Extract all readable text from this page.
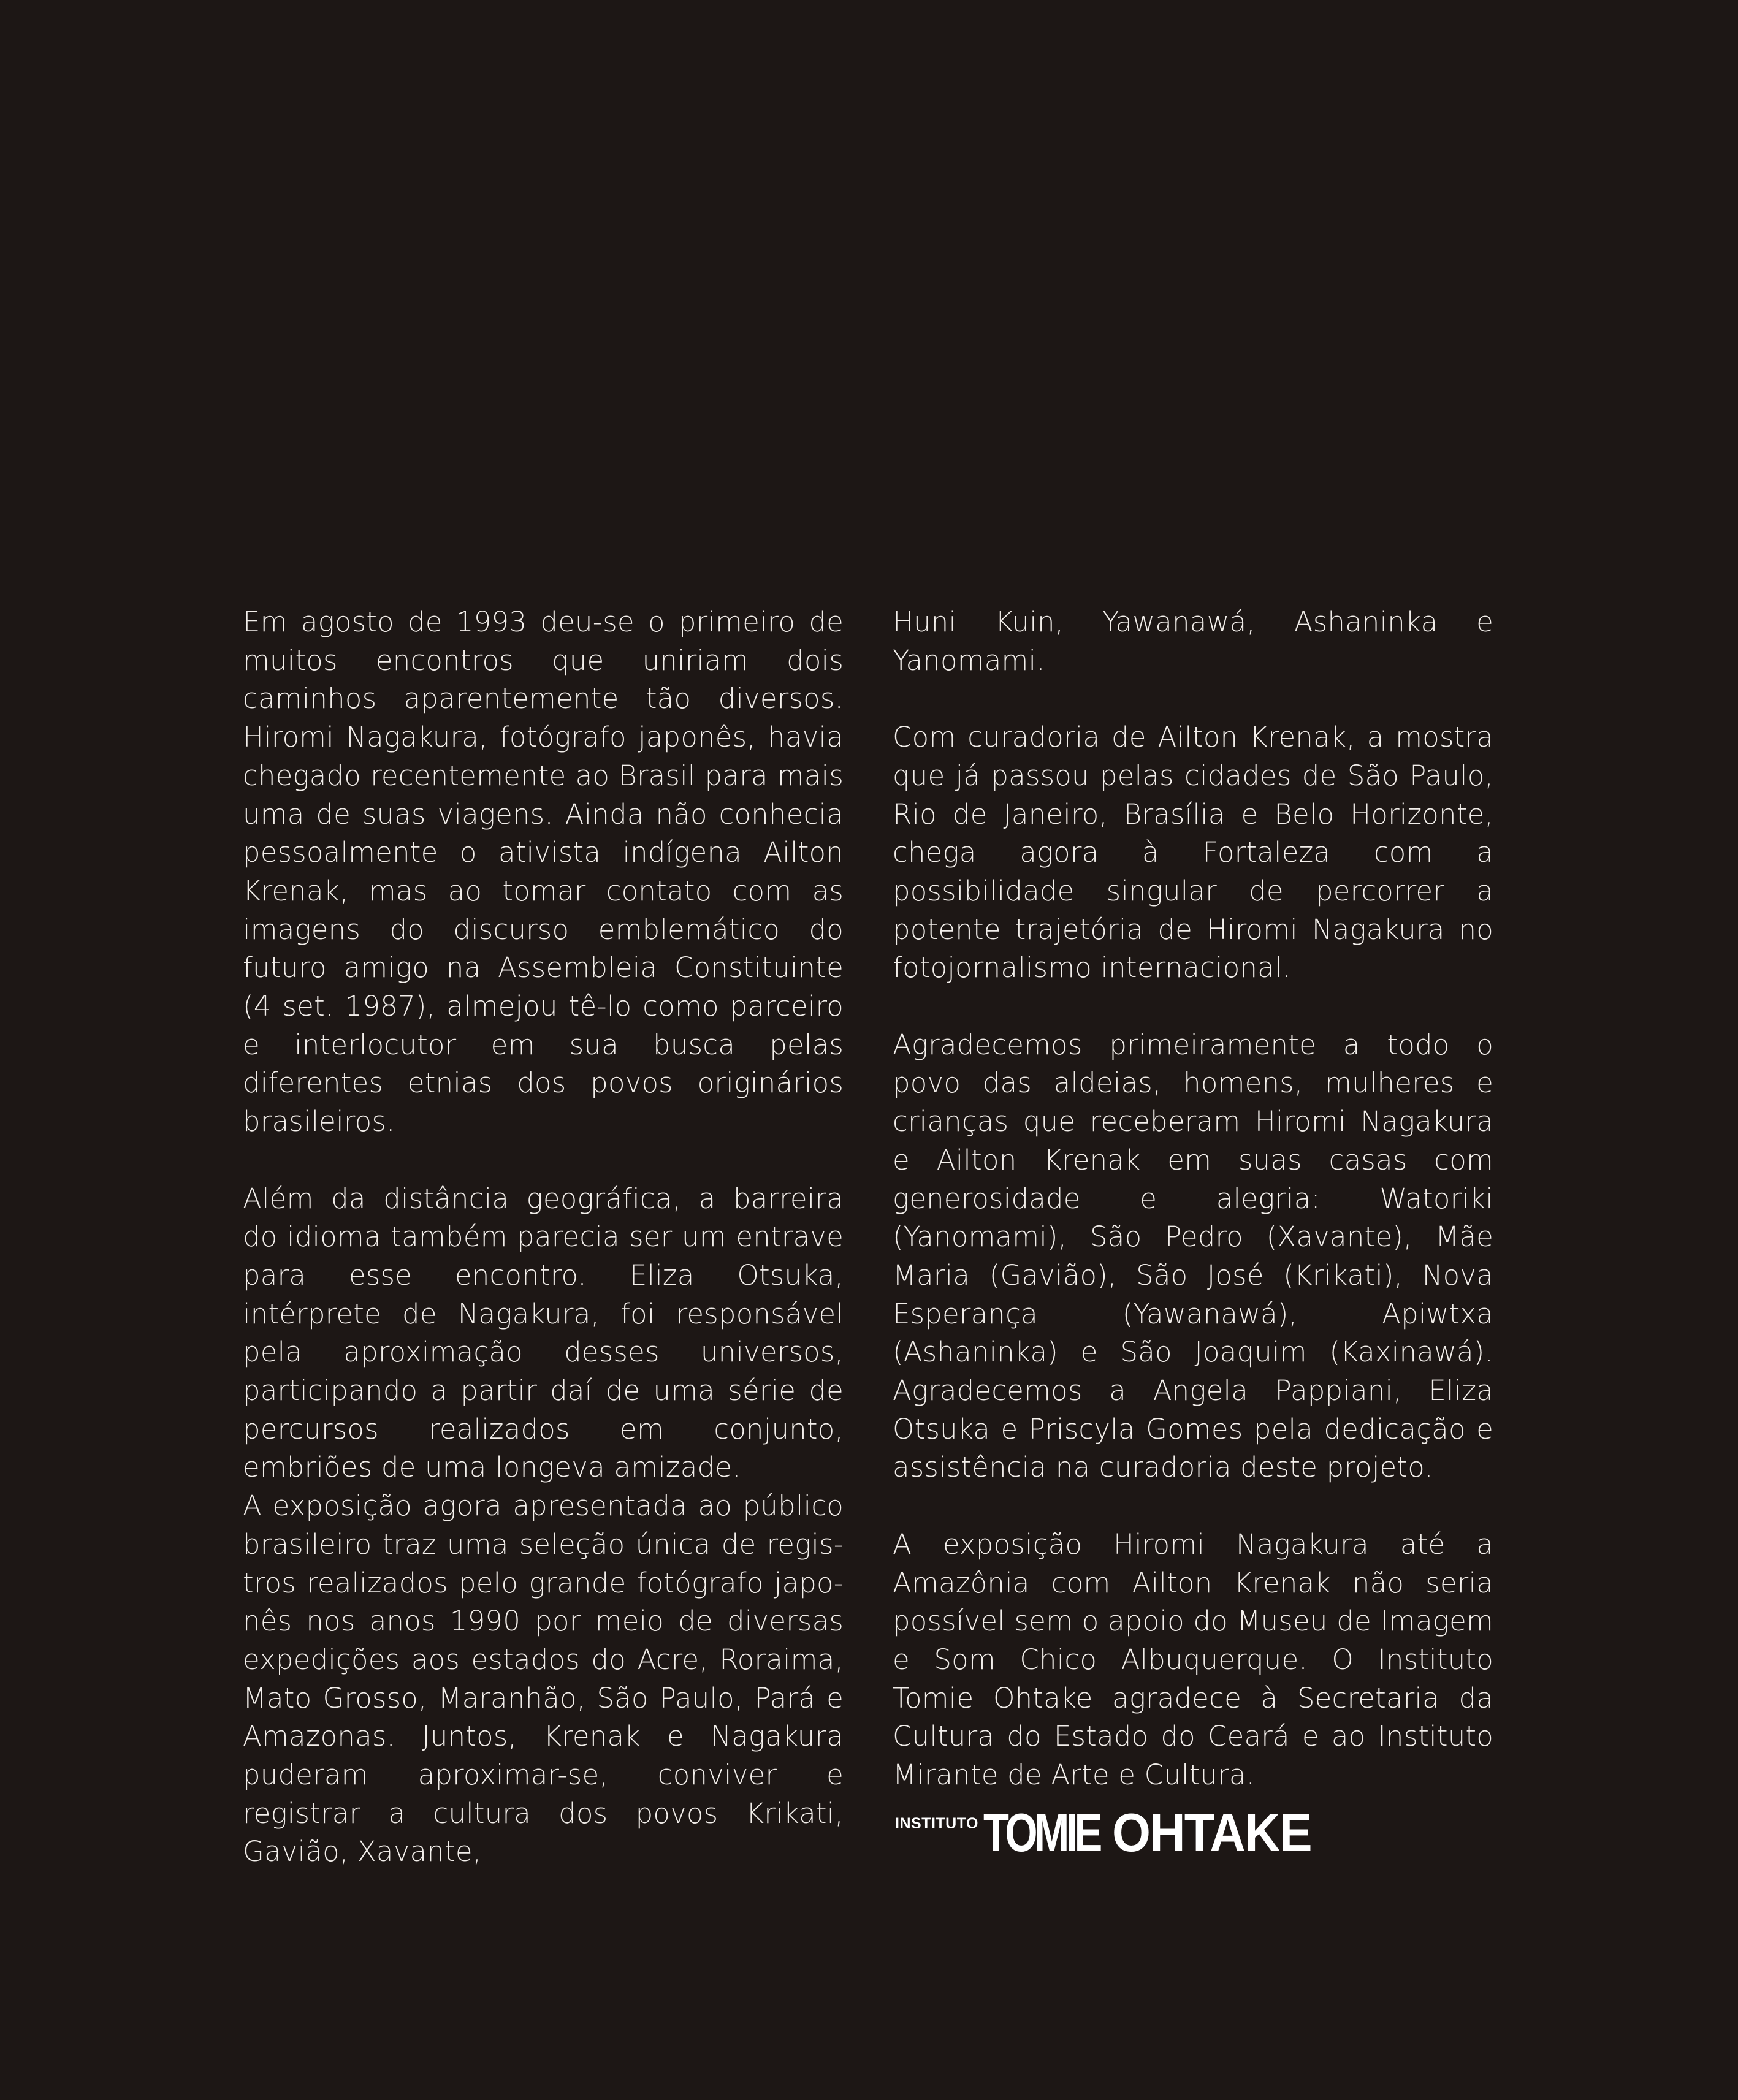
Em agosto de 1993 deu-se o primeiro de muitos encontros que uniriam dois caminhos aparentemente tão diversos. Hiromi Nagakura, fotógrafo japonês, havia chegado recentemente ao Brasil para mais uma de suas viagens. Ainda não conhecia pessoalmente o ativista indígena Ailton Krenak, mas ao tomar contato com as imagens do discurso emblemático do futuro amigo na Assembleia Constituinte (4 set. 1987), almejou tê-lo como parceiro e interlocutor em sua busca pelas diferentes etnias dos povos originários brasileiros.

Além da distância geográfica, a barreira do idioma também parecia ser um entrave para esse encontro. Eliza Otsuka, intérprete de Nagakura, foi responsável pela aproximação desses universos, participando a partir daí de uma série de percursos realizados em conjunto, embriões de uma longeva amizade.

A exposição agora apresentada ao público brasileiro traz uma seleção única de registros realizados pelo grande fotógrafo japonês nos anos 1990 por meio de diversas expedições aos estados do Acre, Roraima, Mato Grosso, Maranhão, São Paulo, Pará e Amazonas. Juntos, Krenak e Nagakura puderam aproximar-se, conviver e registrar a cultura dos povos Krikati, Gavião, Xavante,

Huni Kuin, Yawanawá, Ashaninka e Yanomami.

Com curadoria de Ailton Krenak, a mostra que já passou pelas cidades de São Paulo, Rio de Janeiro, Brasília e Belo Horizonte, chega agora à Fortaleza com a possibilidade singular de percorrer a potente trajetória de Hiromi Nagakura no fotojornalismo internacional.

Agradecemos primeiramente a todo o povo das aldeias, homens, mulheres e crianças que receberam Hiromi Nagakura e Ailton Krenak em suas casas com generosidade e alegria: Watoriki (Yanomami), São Pedro (Xavante), Mãe Maria (Gavião), São José (Krikati), Nova Esperança (Yawanawá), Apiwtxa (Ashaninka) e São Joaquim (Kaxinawá). Agradecemos a Angela Pappiani, Eliza Otsuka e Priscyla Gomes pela dedicação e assistência na curadoria deste projeto.

A exposição Hiromi Nagakura até a Amazônia com Ailton Krenak não seria possível sem o apoio do Museu de Imagem e Som Chico Albuquerque. O Instituto Tomie Ohtake agradece à Secretaria da Cultura do Estado do Ceará e ao Instituto Mirante de Arte e Cultura.

INSTITUTO TOMIE OHTAKE
